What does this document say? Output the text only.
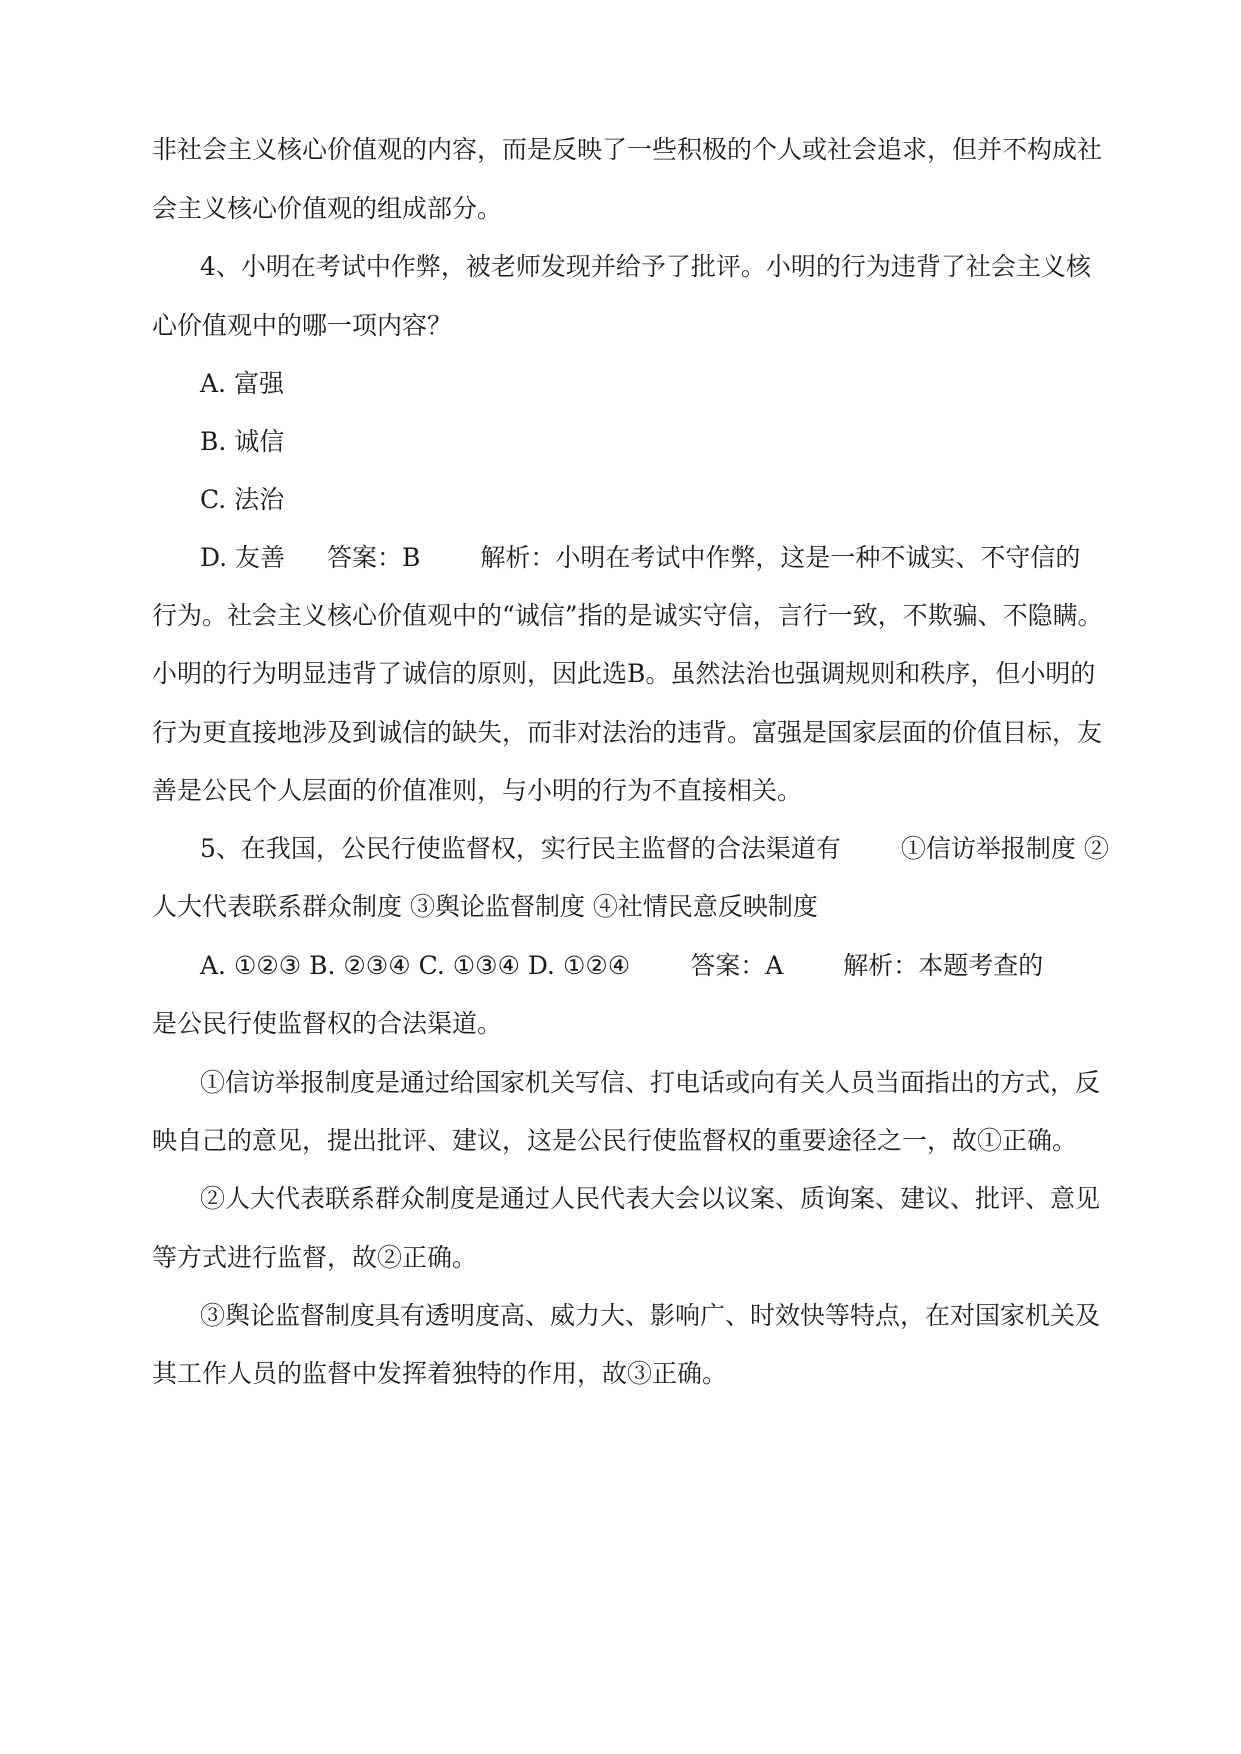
非社会主义核心价值观的内容，而是反映了一些积极的个人或社会追求，但并不构成社
会主义核心价值观的组成部分。
4、小明在考试中作弊，被老师发现并给予了批评。小明的行为违背了社会主义核
心价值观中的哪一项内容？
A. 富强
B. 诚信
C. 法治
D. 友善 答案：B 解析：小明在考试中作弊，这是一种不诚实、不守信的
行为。社会主义核心价值观中的“诚信”指的是诚实守信，言行一致，不欺骗、不隐瞒。
小明的行为明显违背了诚信的原则，因此选B。虽然法治也强调规则和秩序，但小明的
行为更直接地涉及到诚信的缺失，而非对法治的违背。富强是国家层面的价值目标，友
善是公民个人层面的价值准则，与小明的行为不直接相关。
5、在我国，公民行使监督权，实行民主监督的合法渠道有 ①信访举报制度 ②
人大代表联系群众制度 ③舆论监督制度 ④社情民意反映制度
A. ①②③ B. ②③④ C. ①③④ D. ①②④ 答案：A 解析：本题考查的
是公民行使监督权的合法渠道。
①信访举报制度是通过给国家机关写信、打电话或向有关人员当面指出的方式，反
映自己的意见，提出批评、建议，这是公民行使监督权的重要途径之一，故①正确。
②人大代表联系群众制度是通过人民代表大会以议案、质询案、建议、批评、意见
等方式进行监督，故②正确。
③舆论监督制度具有透明度高、威力大、影响广、时效快等特点，在对国家机关及
其工作人员的监督中发挥着独特的作用，故③正确。
